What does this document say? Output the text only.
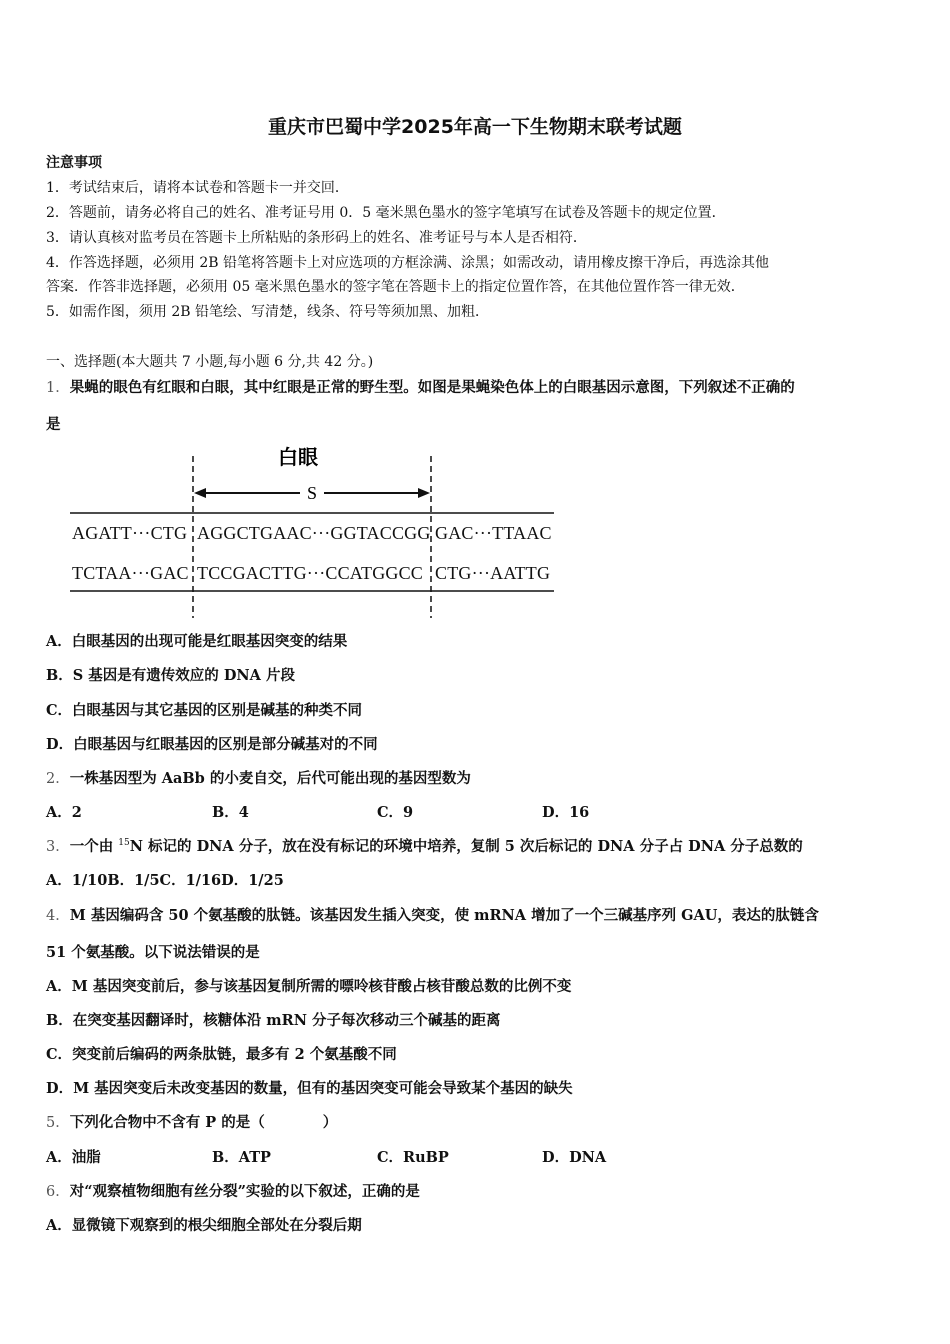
重庆市巴蜀中学2025年高一下生物期末联考试题
注意事项
1．考试结束后，请将本试卷和答题卡一并交回．
2．答题前，请务必将自己的姓名、准考证号用 0．5 毫米黑色墨水的签字笔填写在试卷及答题卡的规定位置．
3．请认真核对监考员在答题卡上所粘贴的条形码上的姓名、准考证号与本人是否相符．
4．作答选择题，必须用 2B 铅笔将答题卡上对应选项的方框涂满、涂黑；如需改动，请用橡皮擦干净后，再选涂其他
答案．作答非选择题，必须用 05 毫米黑色墨水的签字笔在答题卡上的指定位置作答，在其他位置作答一律无效．
5．如需作图，须用 2B 铅笔绘、写清楚，线条、符号等须加黑、加粗．
一、选择题(本大题共 7 小题,每小题 6 分,共 42 分。)
1．果蝇的眼色有红眼和白眼，其中红眼是正常的野生型。如图是果蝇染色体上的白眼基因示意图，下列叙述不正确的
是
白眼
S
AGATT···CTG AGGCTGAAC···GGTACCGG GAC···TTAAC
TCTAA···GAC TCCGACTTG···CCATGGCC CTG···AATTG
A．白眼基因的出现可能是红眼基因突变的结果
B．S 基因是有遗传效应的 DNA 片段
C．白眼基因与其它基因的区别是碱基的种类不同
D．白眼基因与红眼基因的区别是部分碱基对的不同
2．一株基因型为 AaBb 的小麦自交，后代可能出现的基因型数为
A．2	B．4	C．9	D．16
3．一个由 $^{15}$N 标记的 DNA 分子，放在没有标记的环境中培养，复制 5 次后标记的 DNA 分子占 DNA 分子总数的
A．1/10B．1/5C．1/16D．1/25
4．M 基因编码含 50 个氨基酸的肽链。该基因发生插入突变，使 mRNA 增加了一个三碱基序列 GAU，表达的肽链含
51 个氨基酸。以下说法错误的是
A．M 基因突变前后，参与该基因复制所需的嘌呤核苷酸占核苷酸总数的比例不变
B．在突变基因翻译时，核糖体沿 mRN 分子每次移动三个碱基的距离
C．突变前后编码的两条肽链，最多有 2 个氨基酸不同
D．M 基因突变后未改变基因的数量，但有的基因突变可能会导致某个基因的缺失
5．下列化合物中不含有 P 的是（　　　　）
A．油脂	B．ATP	C．RuBP	D．DNA
6．对“观察植物细胞有丝分裂”实验的以下叙述，正确的是
A．显微镜下观察到的根尖细胞全部处在分裂后期
